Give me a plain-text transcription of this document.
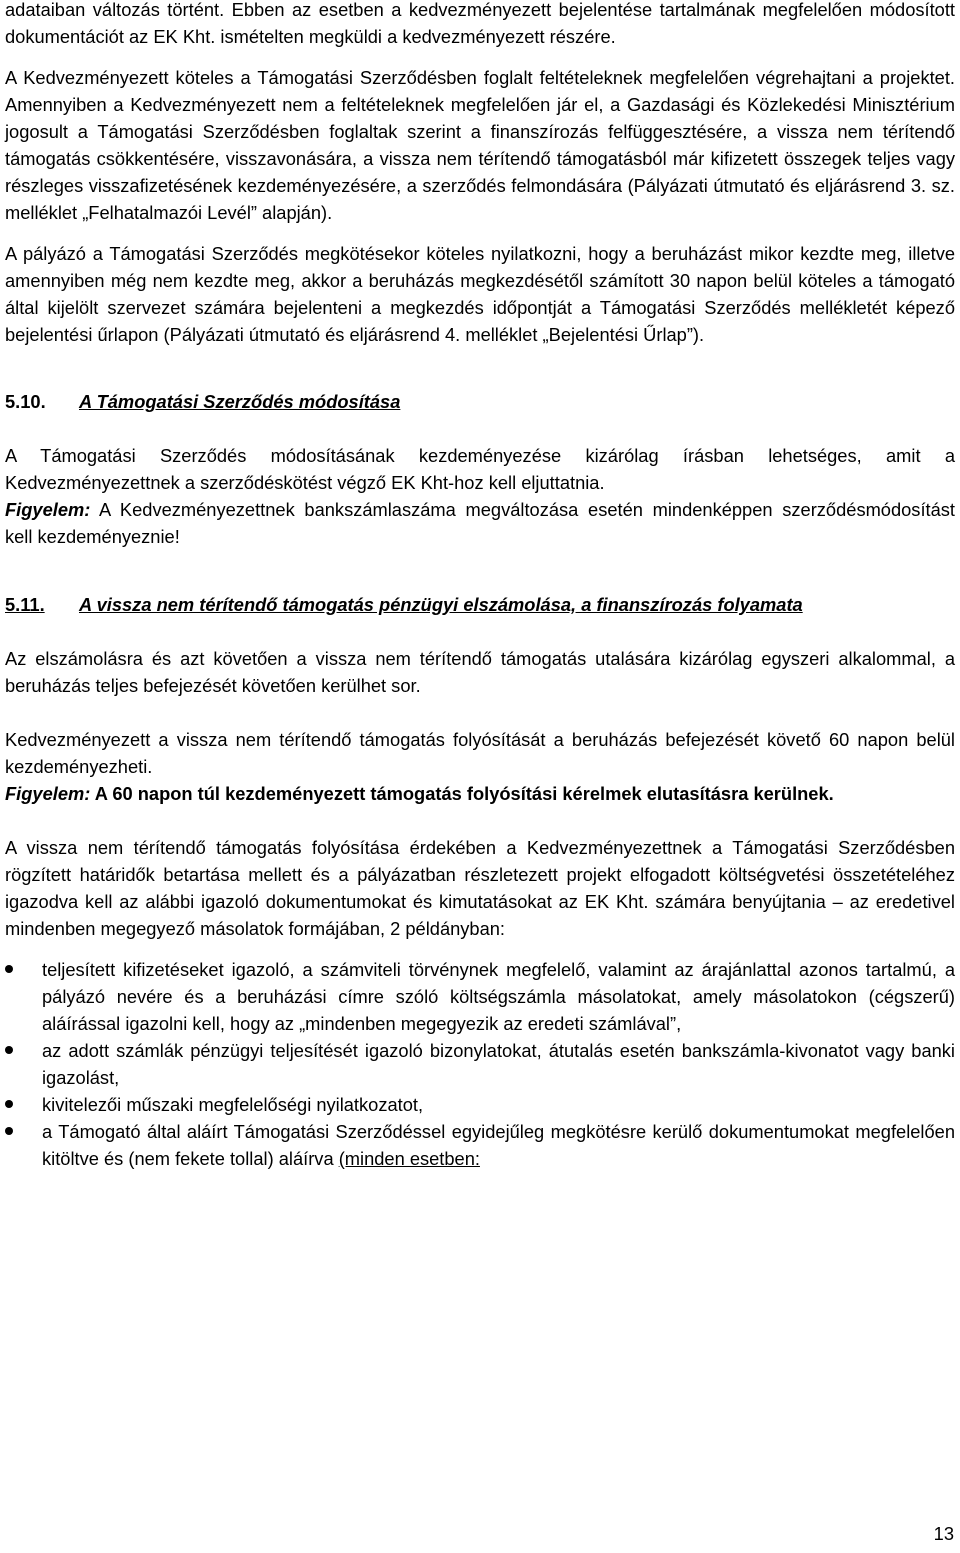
adataiban változás történt. Ebben az esetben a kedvezményezett bejelentése tartalmának megfelelően módosított dokumentációt az EK Kht. ismételten megküldi a kedvezményezett részére.

A Kedvezményezett köteles a Támogatási Szerződésben foglalt feltételeknek megfelelően végrehajtani a projektet. Amennyiben a Kedvezményezett nem a feltételeknek megfelelően jár el, a Gazdasági és Közlekedési Minisztérium jogosult a Támogatási Szerződésben foglaltak szerint a finanszírozás felfüggesztésére, a vissza nem térítendő támogatás csökkentésére, visszavonására, a vissza nem térítendő támogatásból már kifizetett összegek teljes vagy részleges visszafizetésének kezdeményezésére, a szerződés felmondására (Pályázati útmutató és eljárásrend 3. sz. melléklet „Felhatalmazói Levél” alapján).

A pályázó a Támogatási Szerződés megkötésekor köteles nyilatkozni, hogy a beruházást mikor kezdte meg, illetve amennyiben még nem kezdte meg, akkor a beruházás megkezdésétől számított 30 napon belül köteles a támogató által kijelölt szervezet számára bejelenteni a megkezdés időpontját a Támogatási Szerződés mellékletét képező bejelentési űrlapon (Pályázati útmutató és eljárásrend 4. melléklet „Bejelentési Űrlap”).

5.10. A Támogatási Szerződés módosítása

A Támogatási Szerződés módosításának kezdeményezése kizárólag írásban lehetséges, amit a Kedvezményezettnek a szerződéskötést végző EK Kht-hoz kell eljuttatnia.

Figyelem: A Kedvezményezettnek bankszámlaszáma megváltozása esetén mindenképpen szerződésmódosítást kell kezdeményeznie!

5.11. A vissza nem térítendő támogatás pénzügyi elszámolása, a finanszírozás folyamata

Az elszámolásra és azt követően a vissza nem térítendő támogatás utalására kizárólag egyszeri alkalommal, a beruházás teljes befejezését követően kerülhet sor.

Kedvezményezett a vissza nem térítendő támogatás folyósítását a beruházás befejezését követő 60 napon belül kezdeményezheti.

Figyelem: A 60 napon túl kezdeményezett támogatás folyósítási kérelmek elutasításra kerülnek.

A vissza nem térítendő támogatás folyósítása érdekében a Kedvezményezettnek a Támogatási Szerződésben rögzített határidők betartása mellett és a pályázatban részletezett projekt elfogadott költségvetési összetételéhez igazodva kell az alábbi igazoló dokumentumokat és kimutatásokat az EK Kht. számára benyújtania – az eredetivel mindenben megegyező másolatok formájában, 2 példányban:

teljesített kifizetéseket igazoló, a számviteli törvénynek megfelelő, valamint az árajánlattal azonos tartalmú, a pályázó nevére és a beruházási címre szóló költségszámla másolatokat, amely másolatokon (cégszerű) aláírással igazolni kell, hogy az „mindenben megegyezik az eredeti számlával”,
az adott számlák pénzügyi teljesítését igazoló bizonylatokat, átutalás esetén bankszámla-kivonatot vagy banki igazolást,
kivitelezői műszaki megfelelőségi nyilatkozatot,
a Támogató által aláírt Támogatási Szerződéssel egyidejűleg megkötésre kerülő dokumentumokat megfelelően kitöltve és (nem fekete tollal) aláírva (minden esetben:
13
